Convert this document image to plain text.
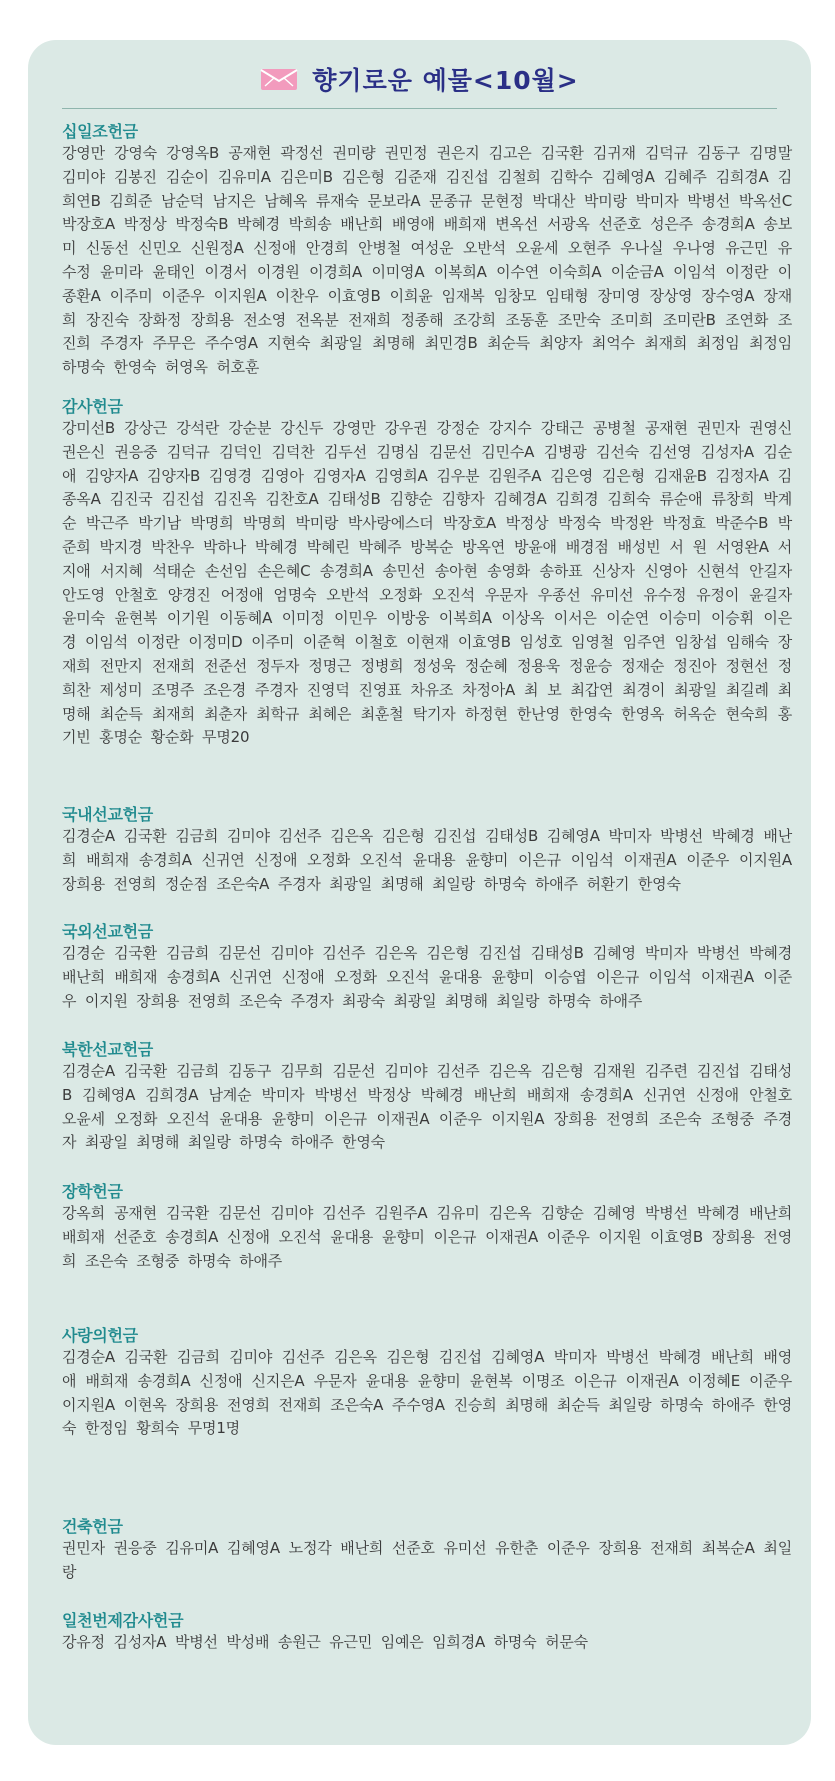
향기로운 예물<10월>
십일조헌금
강영만 강영숙 강영옥B 공재현 곽정선 권미량 권민정 권은지 김고은 김국환 김귀재 김덕규 김동구 김명말 김미야 김봉진 김순이 김유미A 김은미B 김은형 김준재 김진섭 김철희 김학수 김혜영A 김혜주 김희경A 김희연B 김희준 남순덕 남지은 남혜옥 류재숙 문보라A 문종규 문현정 박대산 박미랑 박미자 박병선 박옥선C 박장호A 박정상 박정숙B 박혜경 박희송 배난희 배영애 배희재 변옥선 서광옥 선준호 성은주 송경희A 송보미 신동선 신민오 신원정A 신정애 안경희 안병철 여성운 오반석 오윤세 오현주 우나실 우나영 유근민 유수정 윤미라 윤태인 이경서 이경원 이경희A 이미영A 이복희A 이수연 이숙희A 이순금A 이임석 이정란 이종환A 이주미 이준우 이지원A 이찬우 이효영B 이희윤 임재복 임창모 임태형 장미영 장상영 장수영A 장재희 장진숙 장화정 장희용 전소영 전옥분 전재희 정종해 조강희 조동훈 조만숙 조미희 조미란B 조연화 조진희 주경자 주무은 주수영A 지현숙 최광일 최명해 최민경B 최순득 최양자 최억수 최재희 최정임 최정임 하명숙 한영숙 허영옥 허호훈
감사헌금
강미선B 강상근 강석란 강순분 강신두 강영만 강우권 강정순 강지수 강태근 공병철 공재현 권민자 권영신 권은신 권응중 김덕규 김덕인 김덕찬 김두선 김명심 김문선 김민수A 김병광 김선숙 김선영 김성자A 김순애 김양자A 김양자B 김영경 김영아 김영자A 김영희A 김우분 김원주A 김은영 김은형 김재윤B 김정자A 김종옥A 김진국 김진섭 김진옥 김찬호A 김태성B 김향순 김향자 김혜경A 김희경 김희숙 류순애 류창희 박계순 박근주 박기남 박명희 박명희 박미랑 박사랑에스더 박장호A 박정상 박정숙 박정완 박정효 박준수B 박준희 박지경 박찬우 박하나 박혜경 박혜린 박혜주 방복순 방옥연 방윤애 배경점 배성빈 서 원 서영완A 서지애 서지혜 석태순 손선임 손은혜C 송경희A 송민선 송아현 송영화 송하표 신상자 신영아 신현석 안길자 안도영 안철호 양경진 어정애 엄명숙 오반석 오정화 오진석 우문자 우종선 유미선 유수정 유정이 윤길자 윤미숙 윤현복 이기원 이동혜A 이미정 이민우 이방웅 이복희A 이상옥 이서은 이순연 이승미 이승휘 이은경 이임석 이정란 이정미D 이주미 이준혁 이철호 이현재 이효영B 임성호 임영철 임주연 임창섭 임해숙 장재희 전만지 전재희 전준선 정두자 정명근 정병희 정성욱 정순혜 정용욱 정윤승 정재순 정진아 정현선 정희찬 제성미 조명주 조은경 주경자 진영덕 진영표 차유조 차정아A 최 보 최갑연 최경이 최광일 최길례 최명해 최순득 최재희 최춘자 최학규 최혜은 최훈철 탁기자 하정현 한난영 한영숙 한영옥 허옥순 현숙희 홍기빈 홍명순 황순화 무명20
국내선교헌금
김경순A 김국환 김금희 김미야 김선주 김은옥 김은형 김진섭 김태성B 김혜영A 박미자 박병선 박혜경 배난희 배희재 송경희A 신귀연 신정애 오정화 오진석 윤대용 윤향미 이은규 이임석 이재권A 이준우 이지원A 장희용 전영희 정순점 조은숙A 주경자 최광일 최명해 최일랑 하명숙 하애주 허환기 한영숙
국외선교헌금
김경순 김국환 김금희 김문선 김미야 김선주 김은옥 김은형 김진섭 김태성B 김혜영 박미자 박병선 박혜경 배난희 배희재 송경희A 신귀연 신정애 오정화 오진석 윤대용 윤향미 이승엽 이은규 이임석 이재권A 이준우 이지원 장희용 전영희 조은숙 주경자 최광숙 최광일 최명해 최일랑 하명숙 하애주
북한선교헌금
김경순A 김국환 김금희 김동구 김무희 김문선 김미야 김선주 김은옥 김은형 김재원 김주련 김진섭 김태성B 김혜영A 김희경A 남계순 박미자 박병선 박정상 박혜경 배난희 배희재 송경희A 신귀연 신정애 안철호 오윤세 오정화 오진석 윤대용 윤향미 이은규 이재권A 이준우 이지원A 장희용 전영희 조은숙 조형중 주경자 최광일 최명해 최일랑 하명숙 하애주 한영숙
장학헌금
강옥희 공재현 김국환 김문선 김미야 김선주 김원주A 김유미 김은옥 김향순 김혜영 박병선 박혜경 배난희 배희재 선준호 송경희A 신정애 오진석 윤대용 윤향미 이은규 이재권A 이준우 이지원 이효영B 장희용 전영희 조은숙 조형중 하명숙 하애주
사랑의헌금
김경순A 김국환 김금희 김미야 김선주 김은옥 김은형 김진섭 김혜영A 박미자 박병선 박혜경 배난희 배영애 배희재 송경희A 신정애 신지은A 우문자 윤대용 윤향미 윤현복 이명조 이은규 이재권A 이정혜E 이준우 이지원A 이현옥 장희용 전영희 전재희 조은숙A 주수영A 진승희 최명해 최순득 최일랑 하명숙 하애주 한영숙 한정임 황희숙 무명1명
건축헌금
권민자 권응중 김유미A 김혜영A 노정각 배난희 선준호 유미선 유한춘 이준우 장희용 전재희 최복순A 최일랑
일천번제감사헌금
강유정 김성자A 박병선 박성배 송원근 유근민 임예은 임희경A 하명숙 허문숙
